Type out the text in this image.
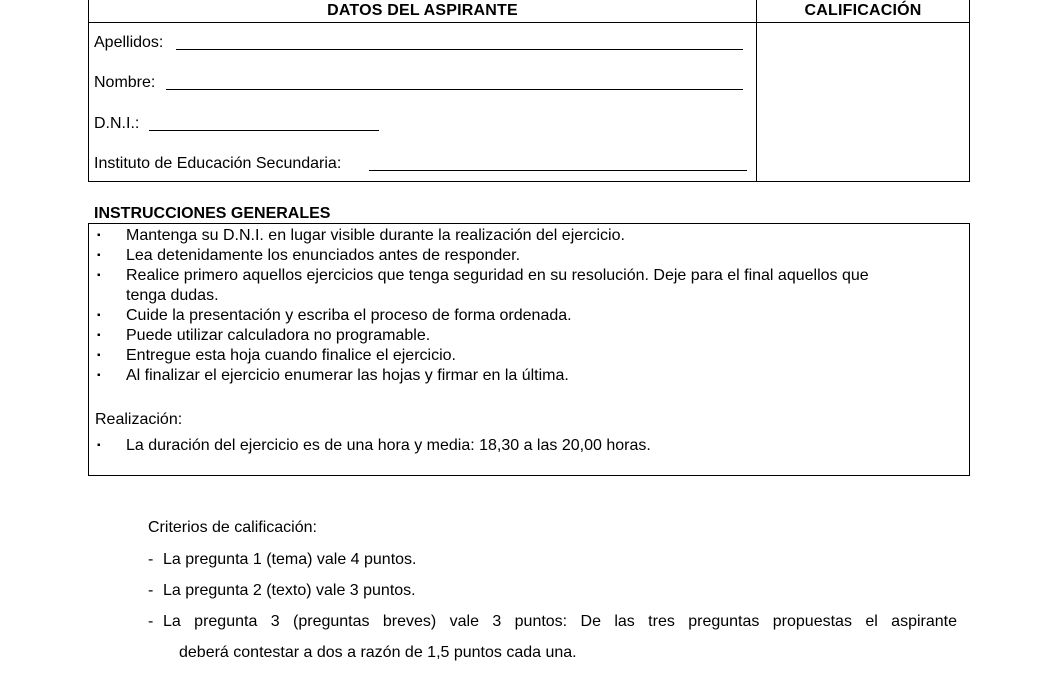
DATOS DEL ASPIRANTE	CALIFICACIÓN
Apellidos:
Nombre:
D.N.I.:
Instituto de Educación Secundaria:
INSTRUCCIONES GENERALES
▪ Mantenga su D.N.I. en lugar visible durante la realización del ejercicio.
▪ Lea detenidamente los enunciados antes de responder.
▪ Realice primero aquellos ejercicios que tenga seguridad en su resolución. Deje para el final aquellos que
tenga dudas.
▪ Cuide la presentación y escriba el proceso de forma ordenada.
▪ Puede utilizar calculadora no programable.
▪ Entregue esta hoja cuando finalice el ejercicio.
▪ Al finalizar el ejercicio enumerar las hojas y firmar en la última.
Realización:
▪ La duración del ejercicio es de una hora y media: 18,30 a las 20,00 horas.
Criterios de calificación:
- La pregunta 1 (tema) vale 4 puntos.
- La pregunta 2 (texto) vale 3 puntos.
- La pregunta 3 (preguntas breves) vale 3 puntos: De las tres preguntas propuestas el aspirante
deberá contestar a dos a razón de 1,5 puntos cada una.
